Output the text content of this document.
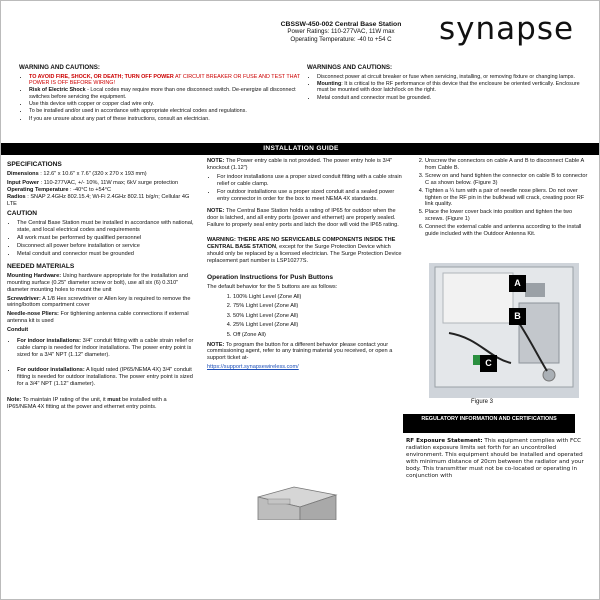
CBSSW-450-002 Central Base Station
Power Ratings: 110-277VAC, 11W max
Operating Temperature: -40 to +54 C	synapse
WARNING AND CAUTIONS:
• TO AVOID FIRE, SHOCK, OR DEATH; TURN OFF POWER AT CIRCUIT BREAKER OR FUSE AND TEST THAT POWER IS OFF BEFORE WIRING!
• Risk of Electric Shock - Local codes may require more than one disconnect switch. De-energize all disconnect switches before servicing the equipment.
• Use this device with copper or copper clad wire only.
• To be installed and/or used in accordance with appropriate electrical codes and regulations.
• If you are unsure about any part of these instructions, consult an electrician.
WARNINGS AND CAUTIONS:
• Disconnect power at circuit breaker or fuse when servicing, installing, or removing fixture or changing lamps.
• Mounting: It is critical to the RF performance of this device that the enclosure be oriented vertically. Enclosure must be mounted with door latch/lock on the right.
• Metal conduit and connector must be grounded.
INSTALLATION GUIDE
SPECIFICATIONS

Dimensions : 12.6" x 10.6" x 7.6" (320 x 270 x 193 mm)

Input Power : 110-277VAC, +/- 10%, 11W max; 6kV surge protection

Operating Temperature : -40°C to +54°C

Radios : SNAP 2.4GHz 802.15.4; Wi-Fi 2.4GHz 802.11 b/g/n; Cellular 4G LTE

CAUTION
• The Central Base Station must be installed in accordance with national, state, and local electrical codes and requirements
• All work must be performed by qualified personnel
• Disconnect all power before installation or service
• Metal conduit and connector must be grounded
NEEDED MATERIALS

Mounting Hardware: Using hardware appropriate for the installation and mounting surface (0.25" diameter screw or bolt), use all six (6) 0.310" diameter mounting holes to mount the unit

Screwdriver: A 1/8 Hex screwdriver or Allen key is required to remove the wiring/bottom compartment cover

Needle-nose Pliers: For tightening antenna cable connections if external antenna kit is used

Conduit

• For indoor installations: 3/4" conduit fitting with a cable strain relief or cable clamp is needed for indoor installations. The power entry point is sized for a 3/4" NPT (1.12" diameter).
• For outdoor installations: A liquid rated (IP65/NEMA 4X) 3/4" conduit fitting is needed for outdoor installations. The power entry point is sized for a 3/4" NPT (1.12" diameter).

Note: To maintain IP rating of the unit, it must be installed with a IP65/NEMA 4X fitting at the power and ethernet entry points.

NOTE: The Power entry cable is not provided. The power entry hole is 3/4" knockout (1.12")

• For indoor installations use a proper sized conduit fitting with a cable strain relief or cable clamp.
• For outdoor installations use a proper sized conduit and a sealed power entry connector in order for the box to meet NEMA 4X standards.

NOTE: The Central Base Station holds a rating of IP65 for outdoor when the door is latched, and all entry ports (power and ethernet) are properly sealed. Failure to properly seal entry ports and latch the door will void the IP65 rating.

WARNING: THERE ARE NO SERVICEABLE COMPONENTS INSIDE THE CENTRAL BASE STATION, except for the Surge Protection Device which should only be replaced by a licensed electrician. The Surge Protection Device replacement part number is LSP10277S.

Operation Instructions for Push Buttons

The default behavior for the 5 buttons are as follows:

1. 100% Light Level (Zone All)
2. 75% Light Level (Zone All)
3. 50% Light Level (Zone All)
4. 25% Light Level (Zone All)
5. Off (Zone All)

NOTE: To program the button for a different behavior please contact your commissioning agent, refer to any training material you received, or open a support ticket at-

https://support.synapsewireless.com/

2. Unscrew the connectors on cable A and B to disconnect Cable A from Cable B.
3. Screw on and hand tighten the connector on cable B to connector C as shown below. (Figure 3)
4. Tighten a ¼ turn with a pair of needle nose pliers. Do not over tighten or the RF pin in the bulkhead will crack, creating poor RF link quality.
5. Place the lower cover back into position and tighten the two screws. (Figure 1)
6. Connect the external cable and antenna according to the install guide included with the Outdoor Antenna Kit.
A
B
C
Figure 3
REGULATORY INFORMATION AND CERTIFICATIONS
RF Exposure Statement: This equipment complies with FCC radiation exposure limits set forth for an uncontrolled environment. This equipment should be installed and operated with minimum distance of 20cm between the radiator and your body. This transmitter must not be co-located or operating in conjunction with
